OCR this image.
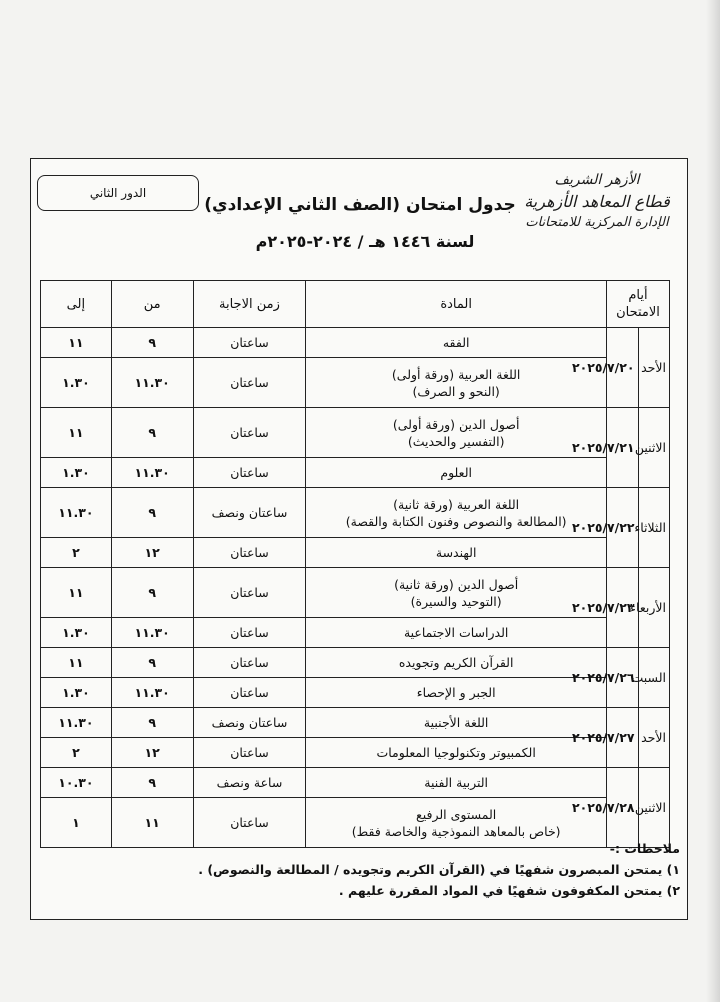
الدور الثاني
الأزهر الشريف
قطاع المعاهد الأزهرية
الإدارة المركزية للامتحانات
جدول امتحان (الصف الثاني الإعدادي)
لسنة ١٤٤٦ هـ / ٢٠٢٤-٢٠٢٥م
أيام الامتحان		المادة	زمن الاجابة	من	إلى
الأحد	٢٠٢٥/٧/٢٠	الفقه	ساعتان	٩	١١

		اللغة العربية (ورقة أولى)
(النحو و الصرف)	ساعتان	١١.٣٠	١.٣٠
الاثنين	٢٠٢٥/٧/٢١	أصول الدين (ورقة أولى)
(التفسير والحديث)	ساعتان	٩	١١

		العلوم	ساعتان	١١.٣٠	١.٣٠
الثلاثاء	٢٠٢٥/٧/٢٢	اللغة العربية (ورقة ثانية)
(المطالعة والنصوص وفنون الكتابة والقصة)	ساعتان ونصف	٩	١١.٣٠

		الهندسة	ساعتان	١٢	٢
الأربعاء	٢٠٢٥/٧/٢٣	أصول الدين (ورقة ثانية)
(التوحيد والسيرة)	ساعتان	٩	١١

		الدراسات الاجتماعية	ساعتان	١١.٣٠	١.٣٠
السبت	٢٠٢٥/٧/٢٦	القرآن الكريم وتجويده	ساعتان	٩	١١

		الجبر و الإحصاء	ساعتان	١١.٣٠	١.٣٠
الأحد	٢٠٢٥/٧/٢٧	اللغة الأجنبية	ساعتان ونصف	٩	١١.٣٠

		الكمبيوتر وتكنولوجيا المعلومات	ساعتان	١٢	٢
الاثنين	٢٠٢٥/٧/٢٨	التربية الفنية	ساعة ونصف	٩	١٠.٣٠

		المستوى الرفيع
(خاص بالمعاهد النموذجية والخاصة فقط)	ساعتان	١١	١
ملاحظات :-
١) يمتحن المبصرون شفهيًا في (القرآن الكريم وتجويده / المطالعة والنصوص) .
٢) يمتحن المكفوفون شفهيًا في المواد المقررة عليهم .
